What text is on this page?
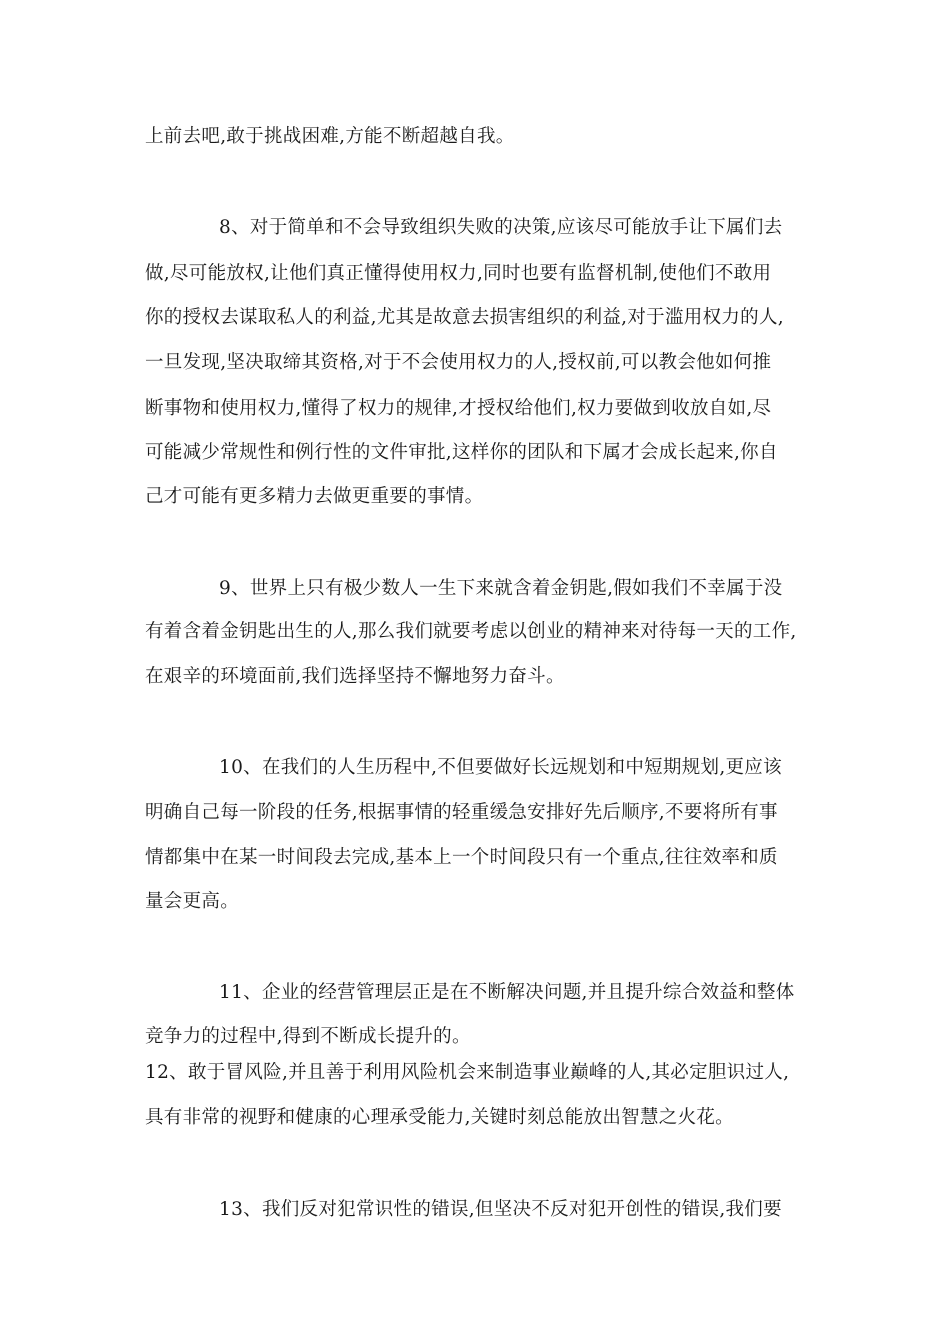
上前去吧,敢于挑战困难,方能不断超越自我。
8、对于简单和不会导致组织失败的决策,应该尽可能放手让下属们去
做,尽可能放权,让他们真正懂得使用权力,同时也要有监督机制,使他们不敢用
你的授权去谋取私人的利益,尤其是故意去损害组织的利益,对于滥用权力的人,
一旦发现,坚决取缔其资格,对于不会使用权力的人,授权前,可以教会他如何推
断事物和使用权力,懂得了权力的规律,才授权给他们,权力要做到收放自如,尽
可能减少常规性和例行性的文件审批,这样你的团队和下属才会成长起来,你自
己才可能有更多精力去做更重要的事情。
9、世界上只有极少数人一生下来就含着金钥匙,假如我们不幸属于没
有着含着金钥匙出生的人,那么我们就要考虑以创业的精神来对待每一天的工作,
在艰辛的环境面前,我们选择坚持不懈地努力奋斗。
10、在我们的人生历程中,不但要做好长远规划和中短期规划,更应该
明确自己每一阶段的任务,根据事情的轻重缓急安排好先后顺序,不要将所有事
情都集中在某一时间段去完成,基本上一个时间段只有一个重点,往往效率和质
量会更高。
11、企业的经营管理层正是在不断解决问题,并且提升综合效益和整体
竞争力的过程中,得到不断成长提升的。
12、敢于冒风险,并且善于利用风险机会来制造事业巅峰的人,其必定胆识过人,
具有非常的视野和健康的心理承受能力,关键时刻总能放出智慧之火花。
13、我们反对犯常识性的错误,但坚决不反对犯开创性的错误,我们要
